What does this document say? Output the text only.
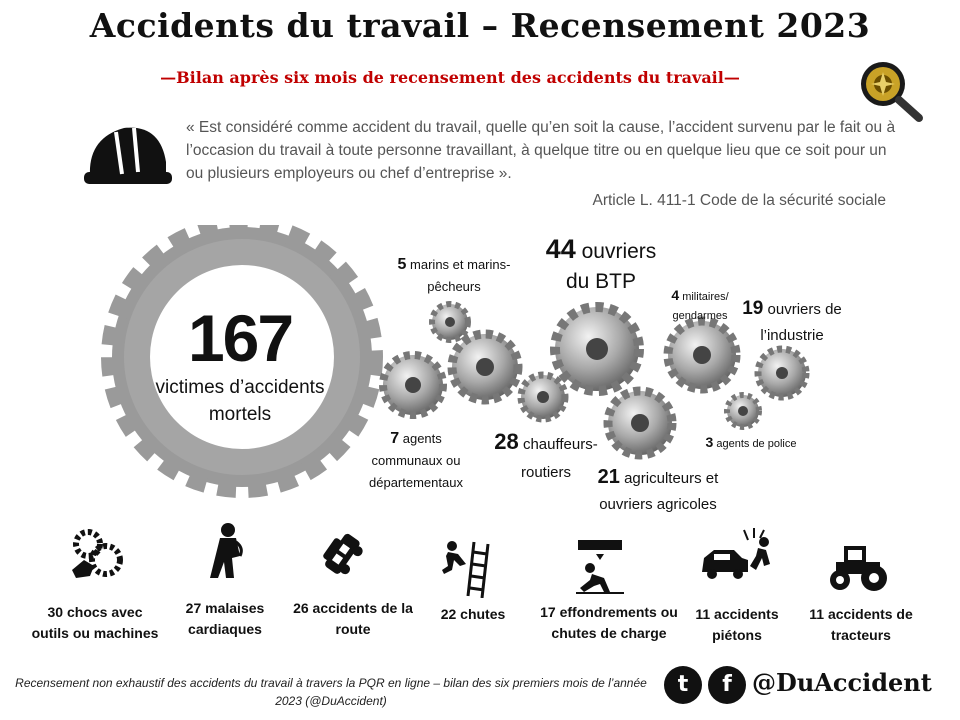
Accidents du travail – Recensement 2023
—Bilan après six mois de recensement des accidents du travail—
« Est considéré comme accident du travail, quelle qu’en soit la cause, l’accident survenu par le fait ou à l’occasion du travail à toute personne travaillant, à quelque titre ou en quelque lieu que ce soit pour un ou plusieurs employeurs ou chef d’entreprise ».
Article L. 411-1 Code de la sécurité sociale
167
victimes d’accidents mortels
44 ouvriers du BTP
28 chauffeurs-routiers	21 agriculteurs et ouvriers agricoles
19 ouvriers de l’industrie
7 agents communaux ou départementaux
5 marins et marins-pêcheurs
4 militaires/ gendarmes
3 agents de police
30 chocs avec outils ou machines
27 malaises cardiaques
26 accidents de la route
22 chutes	17 effondrements ou chutes de charge
11 accidents piétons
11 accidents de tracteurs
Recensement non exhaustif des accidents du travail à travers la PQR en ligne – bilan des six premiers mois de l’année 2023 (@DuAccident)
t	f @DuAccident
